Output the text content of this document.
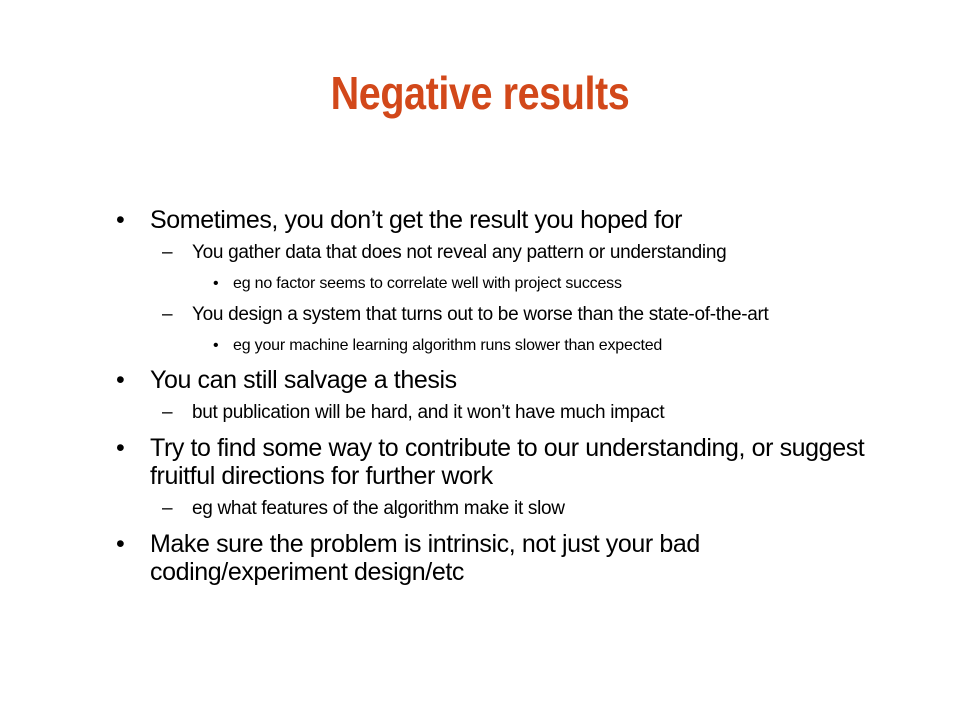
Negative results
• Sometimes, you don’t get the result you hoped for
– You gather data that does not reveal any pattern or understanding
• eg no factor seems to correlate well with project success
– You design a system that turns out to be worse than the state-of-the-art
• eg your machine learning algorithm runs slower than expected
• You can still salvage a thesis
– but publication will be hard, and it won’t have much impact
• Try to find some way to contribute to our understanding, or suggest fruitful directions for further work
– eg what features of the algorithm make it slow
• Make sure the problem is intrinsic, not just your bad coding/experiment design/etc
